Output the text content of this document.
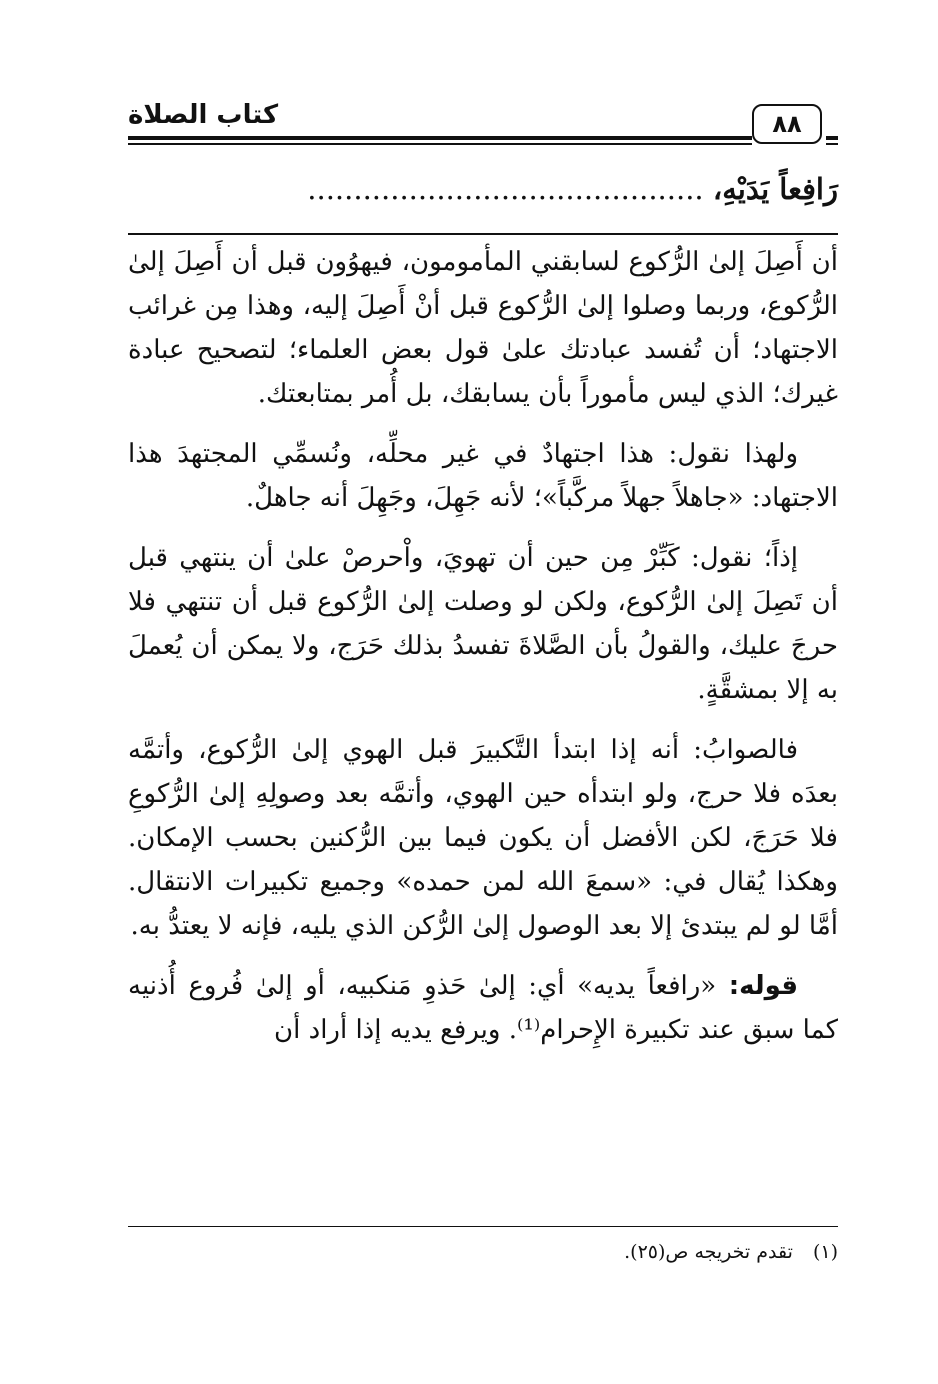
كتاب الصلاة	٨٨
رَافِعاً يَدَيْهِ، ...........................................

أن أَصِلَ إلىٰ الرُّكوع لسابقني المأمومون، فيهوُون قبل أن أَصِلَ إلىٰ الرُّكوع، وربما وصلوا إلىٰ الرُّكوع قبل أنْ أَصِلَ إليه، وهذا مِن غرائب الاجتهاد؛ أن تُفسد عبادتك علىٰ قول بعض العلماء؛ لتصحيح عبادة غيرك؛ الذي ليس مأموراً بأن يسابقك، بل أُمر بمتابعتك.

ولهذا نقول: هذا اجتهادٌ في غير محلِّه، ونُسمِّي المجتهدَ هذا الاجتهاد: «جاهلاً جهلاً مركَّباً»؛ لأنه جَهِلَ، وجَهِلَ أنه جاهلٌ.

إذاً؛ نقول: كَبِّرْ مِن حين أن تهويَ، واْحرصْ علىٰ أن ينتهي قبل أن تَصِلَ إلىٰ الرُّكوع، ولكن لو وصلت إلىٰ الرُّكوع قبل أن تنتهي فلا حرجَ عليك، والقولُ بأن الصَّلاةَ تفسدُ بذلك حَرَج، ولا يمكن أن يُعملَ به إلا بمشقَّةٍ.

فالصوابُ: أنه إذا ابتدأ التَّكبيرَ قبل الهوي إلىٰ الرُّكوع، وأتمَّه بعدَه فلا حرج، ولو ابتدأه حين الهوي، وأتمَّه بعد وصولِهِ إلىٰ الرُّكوعِ فلا حَرَجَ، لكن الأفضل أن يكون فيما بين الرُّكنين بحسب الإمكان. وهكذا يُقال في: «سمعَ الله لمن حمده» وجميع تكبيرات الانتقال. أمَّا لو لم يبتدئ إلا بعد الوصول إلىٰ الرُّكن الذي يليه، فإنه لا يعتدُّ به.

قوله: «رافعاً يديه» أي: إلىٰ حَذوِ مَنكبيه، أو إلىٰ فُروع أُذنيه كما سبق عند تكبيرة الإِحرام⁽¹⁾. ويرفع يديه إذا أراد أن

(١) تقدم تخريجه ص(٢٥).
